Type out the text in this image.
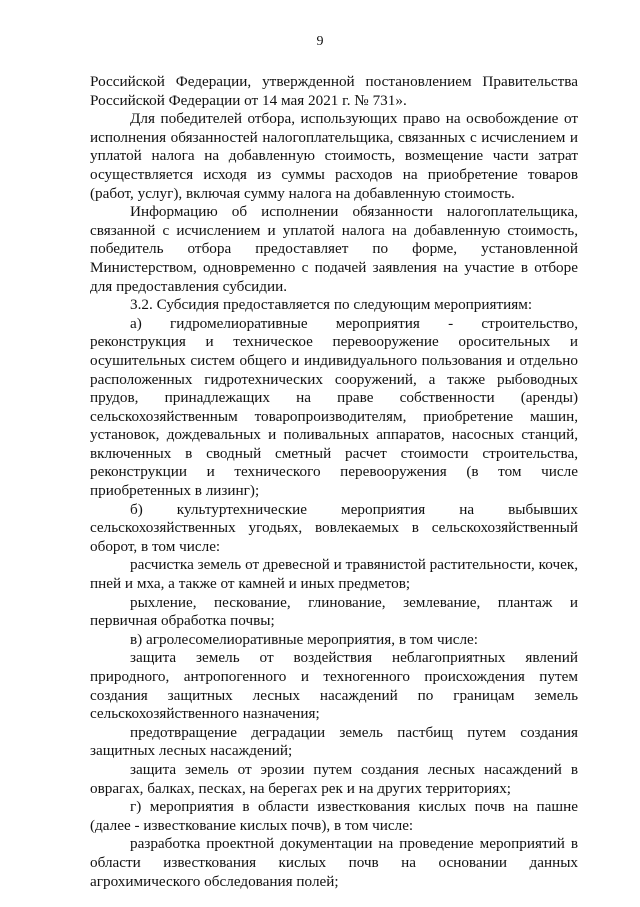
9

Российской Федерации, утвержденной постановлением Правительства Российской Федерации от 14 мая 2021 г. № 731».

Для победителей отбора, использующих право на освобождение от исполнения обязанностей налогоплательщика, связанных с исчислением и уплатой налога на добавленную стоимость, возмещение части затрат осуществляется исходя из суммы расходов на приобретение товаров (работ, услуг), включая сумму налога на добавленную стоимость.

Информацию об исполнении обязанности налогоплательщика, связанной с исчислением и уплатой налога на добавленную стоимость, победитель отбора предоставляет по форме, установленной Министерством, одновременно с подачей заявления на участие в отборе для предоставления субсидии.

3.2. Субсидия предоставляется по следующим мероприятиям:

а) гидромелиоративные мероприятия - строительство, реконструкция и техническое перевооружение оросительных и осушительных систем общего и индивидуального пользования и отдельно расположенных гидротехнических сооружений, а также рыбоводных прудов, принадлежащих на праве собственности (аренды) сельскохозяйственным товаропроизводителям, приобретение машин, установок, дождевальных и поливальных аппаратов, насосных станций, включенных в сводный сметный расчет стоимости строительства, реконструкции и технического перевооружения (в том числе приобретенных в лизинг);

б) культуртехнические мероприятия на выбывших сельскохозяйственных угодьях, вовлекаемых в сельскохозяйственный оборот, в том числе:

расчистка земель от древесной и травянистой растительности, кочек, пней и мха, а также от камней и иных предметов;

рыхление, пескование, глинование, землевание, плантаж и первичная обработка почвы;

в) агролесомелиоративные мероприятия, в том числе:

защита земель от воздействия неблагоприятных явлений природного, антропогенного и техногенного происхождения путем создания защитных лесных насаждений по границам земель сельскохозяйственного назначения;

предотвращение деградации земель пастбищ путем создания защитных лесных насаждений;

защита земель от эрозии путем создания лесных насаждений в оврагах, балках, песках, на берегах рек и на других территориях;

г) мероприятия в области известкования кислых почв на пашне (далее - известкование кислых почв), в том числе:

разработка проектной документации на проведение мероприятий в области известкования кислых почв на основании данных агрохимического обследования полей;
